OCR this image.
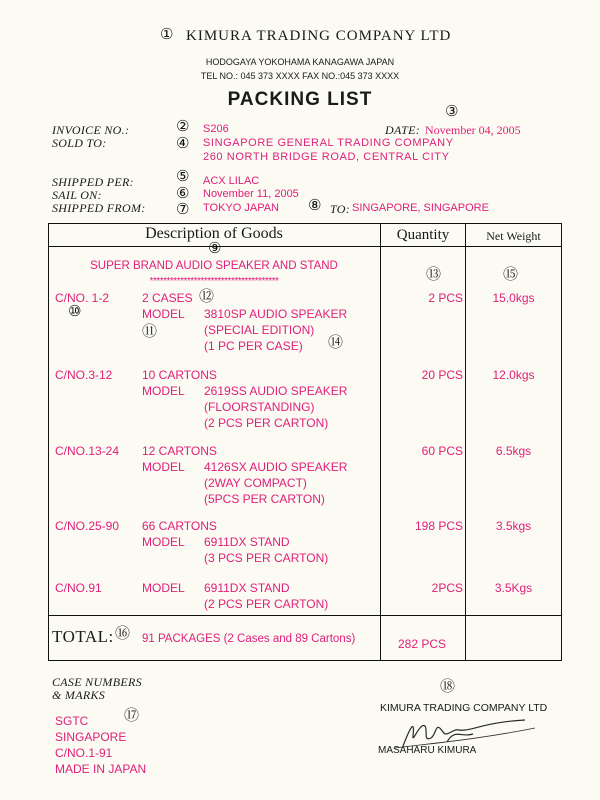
① KIMURA TRADING COMPANY LTD
HODOGAYA YOKOHAMA KANAGAWA JAPAN
TEL NO.: 045 373 XXXX FAX NO.:045 373 XXXX
PACKING LIST
③
INVOICE NO.:	② S206	DATE: November 04, 2005
SOLD TO:	④ SINGAPORE GENERAL TRADING COMPANY
260 NORTH BRIDGE ROAD, CENTRAL CITY
⑤
SHIPPED PER:	ACX LILAC
SAIL ON:	⑥ November 11, 2005
SHIPPED FROM: ⑦ TOKYO JAPAN ⑧ TO: SINGAPORE, SINGAPORE
Description of Goods
⑨
Quantity	Net Weight
SUPER BRAND AUDIO SPEAKER AND STAND
**************************************	⑬	⑮
C/NO. 1-2	2 CASES
MODEL 3810SP AUDIO SPEAKER
(SPECIAL EDITION)
(1 PC PER CASE)
2 PCS	15.0kgs
⑫
⑩
⑪
⑭
C/NO.3-12 10 CARTONS
MODEL 2619SS AUDIO SPEAKER
(FLOORSTANDING)
(2 PCS PER CARTON)
20 PCS	12.0kgs
C/NO.13-24 12 CARTONS
MODEL 4126SX AUDIO SPEAKER
(2WAY COMPACT)
(5PCS PER CARTON)
60 PCS	6.5kgs
C/NO.25-90 66 CARTONS
MODEL 6911DX STAND
(3 PCS PER CARTON)
198 PCS	3.5kgs
C/NO.91	MODEL 6911DX STAND
(2 PCS PER CARTON)
2PCS	3.5Kgs
TOTAL: ⑯ 91 PACKAGES (2 Cases and 89 Cartons)	282 PCS
CASE NUMBERS
& MARKS
⑰
SGTC
SINGAPORE
C/NO.1-91
MADE IN JAPAN
⑱
KIMURA TRADING COMPANY LTD
MASAHARU KIMURA
